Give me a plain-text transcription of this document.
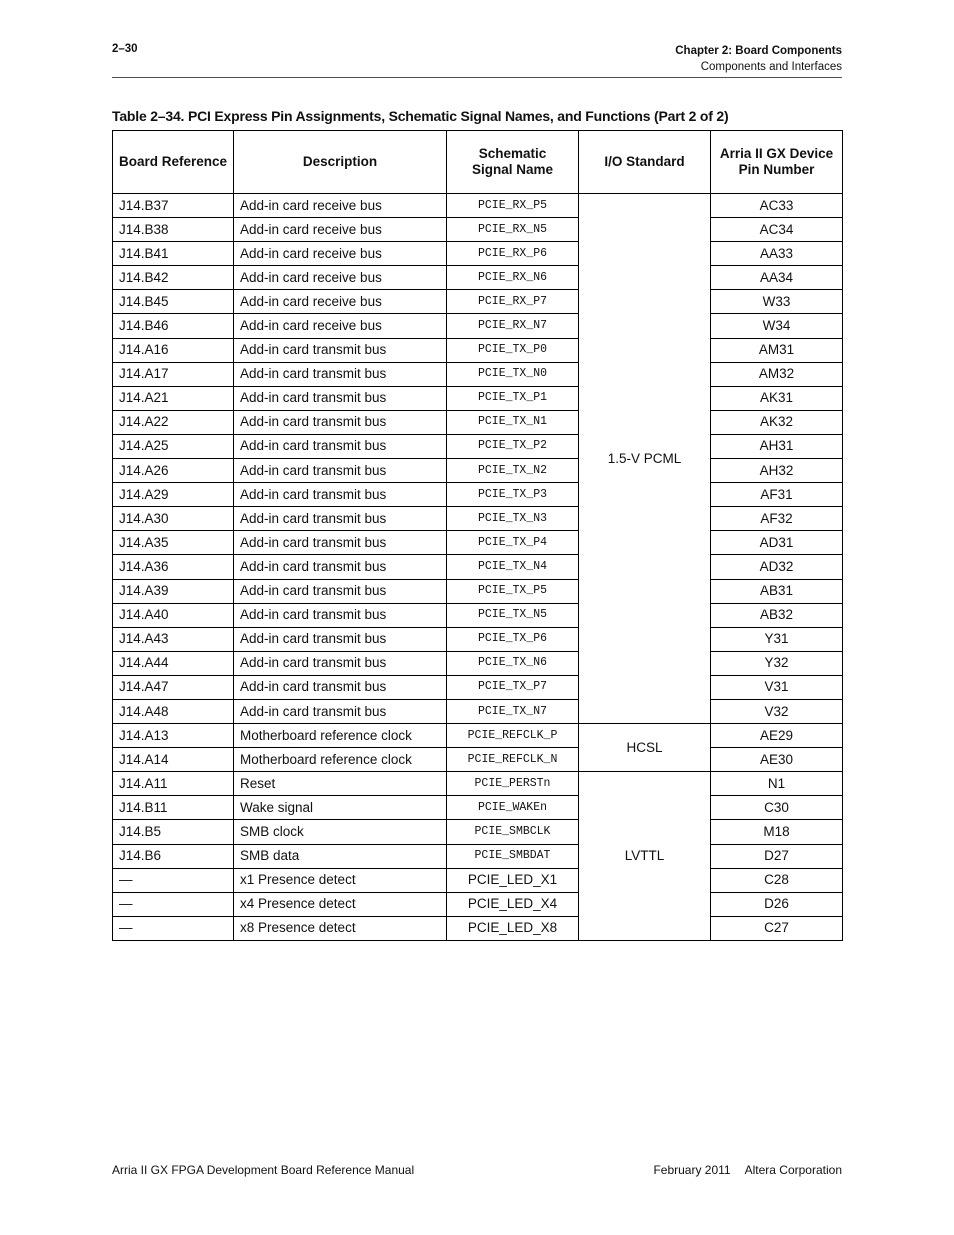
2–30	Chapter 2: Board Components
Components and Interfaces
Table 2–34. PCI Express Pin Assignments, Schematic Signal Names, and Functions (Part 2 of 2)
Board Reference	Description	Schematic Signal Name	I/O Standard	Arria II GX Device Pin Number

J14.B37	Add-in card receive bus	PCIE_RX_P5	1.5-V PCML	AC33
J14.B38	Add-in card receive bus	PCIE_RX_N5		AC34
J14.B41	Add-in card receive bus	PCIE_RX_P6		AA33
J14.B42	Add-in card receive bus	PCIE_RX_N6		AA34
J14.B45	Add-in card receive bus	PCIE_RX_P7		W33
J14.B46	Add-in card receive bus	PCIE_RX_N7		W34
J14.A16	Add-in card transmit bus	PCIE_TX_P0		AM31
J14.A17	Add-in card transmit bus	PCIE_TX_N0		AM32
J14.A21	Add-in card transmit bus	PCIE_TX_P1		AK31
J14.A22	Add-in card transmit bus	PCIE_TX_N1		AK32
J14.A25	Add-in card transmit bus	PCIE_TX_P2		AH31
J14.A26	Add-in card transmit bus	PCIE_TX_N2		AH32
J14.A29	Add-in card transmit bus	PCIE_TX_P3		AF31
J14.A30	Add-in card transmit bus	PCIE_TX_N3		AF32
J14.A35	Add-in card transmit bus	PCIE_TX_P4		AD31
J14.A36	Add-in card transmit bus	PCIE_TX_N4		AD32
J14.A39	Add-in card transmit bus	PCIE_TX_P5		AB31
J14.A40	Add-in card transmit bus	PCIE_TX_N5		AB32
J14.A43	Add-in card transmit bus	PCIE_TX_P6		Y31
J14.A44	Add-in card transmit bus	PCIE_TX_N6		Y32
J14.A47	Add-in card transmit bus	PCIE_TX_P7		V31
J14.A48	Add-in card transmit bus	PCIE_TX_N7		V32
J14.A13	Motherboard reference clock	PCIE_REFCLK_P	HCSL	AE29
J14.A14	Motherboard reference clock	PCIE_REFCLK_N		AE30
J14.A11	Reset	PCIE_PERSTn	LVTTL	N1
J14.B11	Wake signal	PCIE_WAKEn		C30
J14.B5	SMB clock	PCIE_SMBCLK		M18
J14.B6	SMB data	PCIE_SMBDAT		D27
—	x1 Presence detect	PCIE_LED_X1		C28
—	x4 Presence detect	PCIE_LED_X4		D26
—	x8 Presence detect	PCIE_LED_X8		C27
Arria II GX FPGA Development Board Reference Manual	February 2011 Altera Corporation
